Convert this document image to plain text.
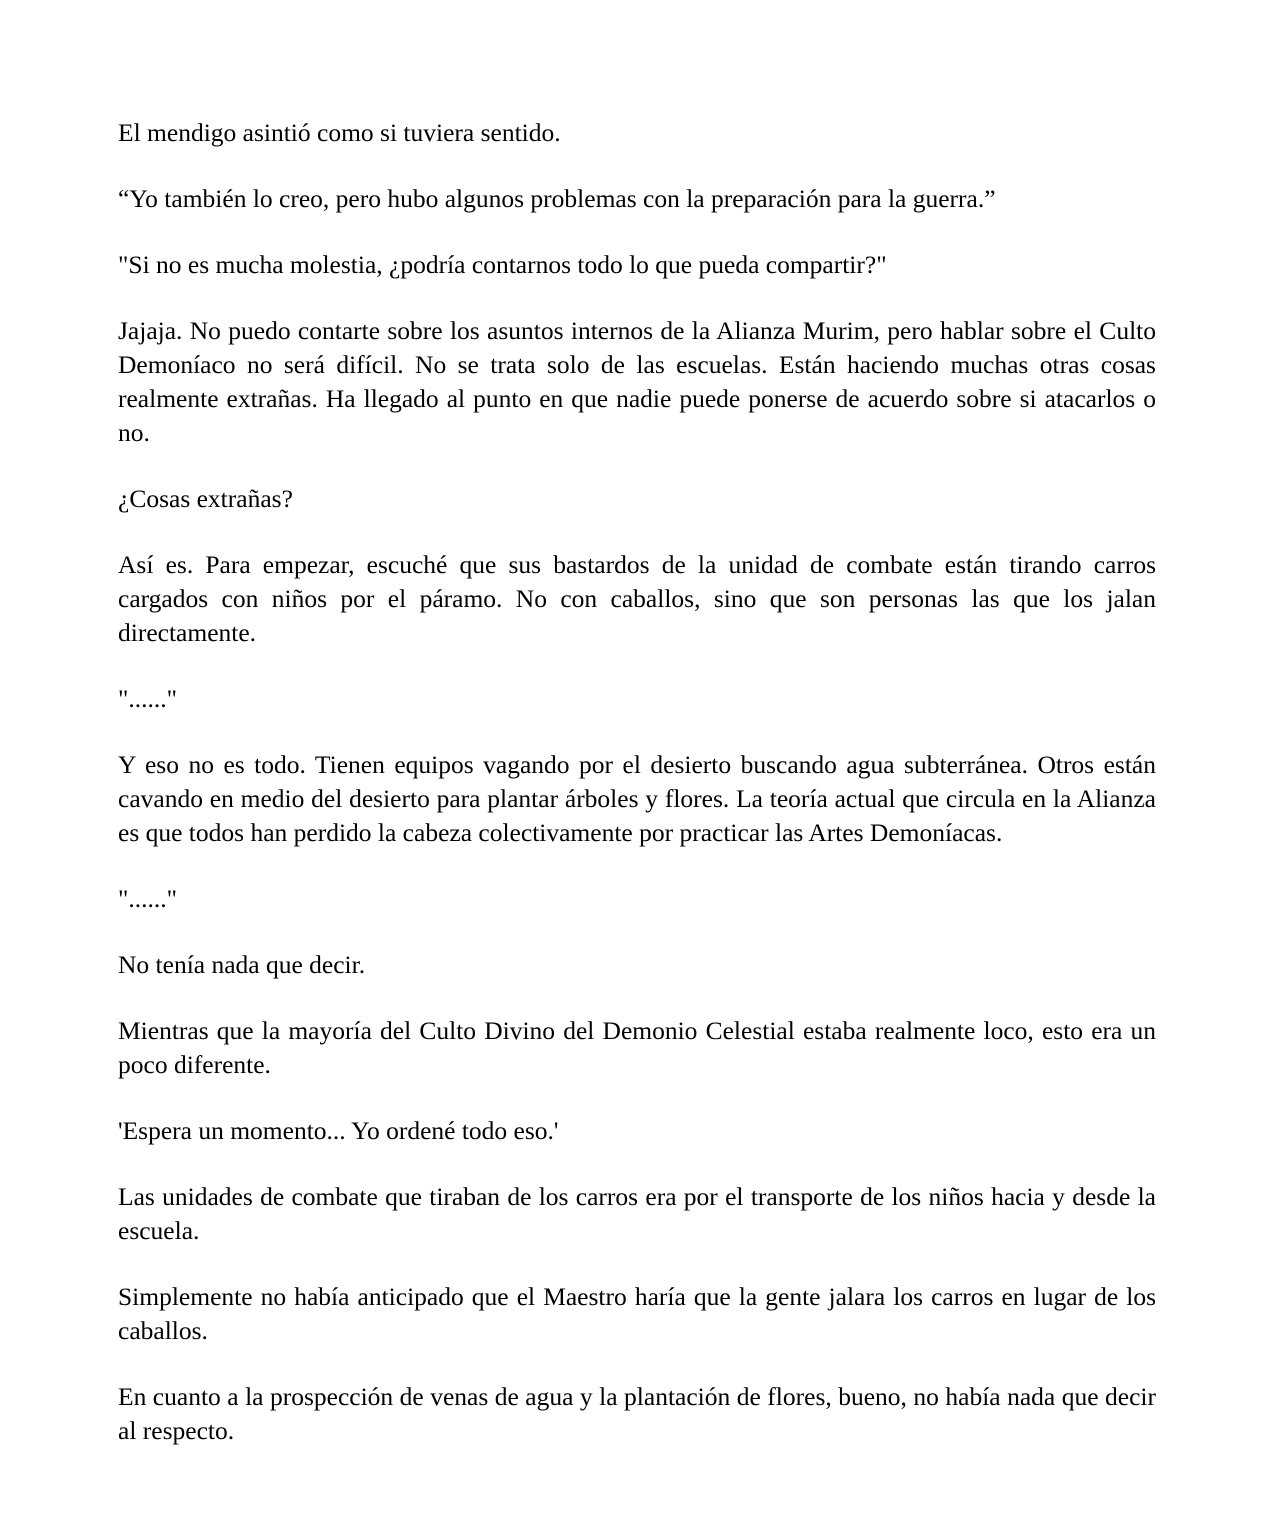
El mendigo asintió como si tuviera sentido.

“Yo también lo creo, pero hubo algunos problemas con la preparación para la guerra.”

"Si no es mucha molestia, ¿podría contarnos todo lo que pueda compartir?"

Jajaja. No puedo contarte sobre los asuntos internos de la Alianza Murim, pero hablar sobre el Culto Demoníaco no será difícil. No se trata solo de las escuelas. Están haciendo muchas otras cosas realmente extrañas. Ha llegado al punto en que nadie puede ponerse de acuerdo sobre si atacarlos o no.

¿Cosas extrañas?

Así es. Para empezar, escuché que sus bastardos de la unidad de combate están tirando carros cargados con niños por el páramo. No con caballos, sino que son personas las que los jalan directamente.

"......"

Y eso no es todo. Tienen equipos vagando por el desierto buscando agua subterránea. Otros están cavando en medio del desierto para plantar árboles y flores. La teoría actual que circula en la Alianza es que todos han perdido la cabeza colectivamente por practicar las Artes Demoníacas.

"......"

No tenía nada que decir.

Mientras que la mayoría del Culto Divino del Demonio Celestial estaba realmente loco, esto era un poco diferente.

'Espera un momento... Yo ordené todo eso.'

Las unidades de combate que tiraban de los carros era por el transporte de los niños hacia y desde la escuela.

Simplemente no había anticipado que el Maestro haría que la gente jalara los carros en lugar de los caballos.

En cuanto a la prospección de venas de agua y la plantación de flores, bueno, no había nada que decir al respecto.
